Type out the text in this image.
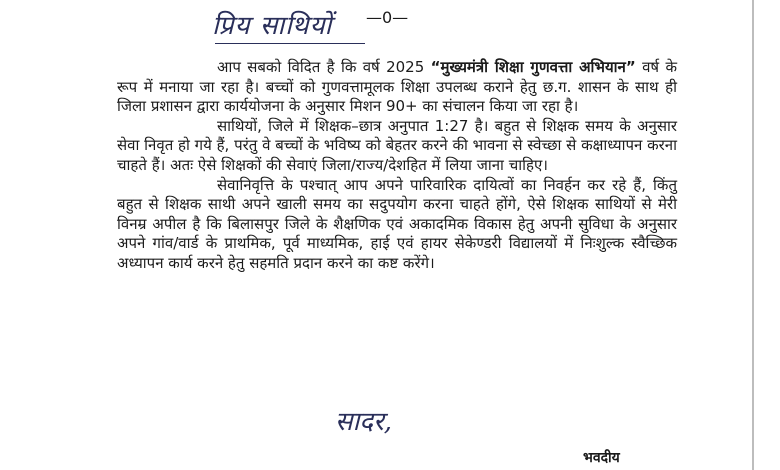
प्रिय साथियों —0—

आप सबको विदित है कि वर्ष 2025 “मुख्यमंत्री शिक्षा गुणवत्ता अभियान” वर्ष के रूप में मनाया जा रहा है। बच्चों को गुणवत्तामूलक शिक्षा उपलब्ध कराने हेतु छ.ग. शासन के साथ ही जिला प्रशासन द्वारा कार्ययोजना के अनुसार मिशन 90+ का संचालन किया जा रहा है।

साथियों, जिले में शिक्षक–छात्र अनुपात 1:27 है। बहुत से शिक्षक समय के अनुसार सेवा निवृत हो गये हैं, परंतु वे बच्चों के भविष्य को बेहतर करने की भावना से स्वेच्छा से कक्षाध्यापन करना चाहते हैं। अतः ऐसे शिक्षकों की सेवाएं जिला/राज्य/देशहित में लिया जाना चाहिए।

सेवानिवृत्ति के पश्चात् आप अपने पारिवारिक दायित्वों का निवर्हन कर रहे हैं, किंतु बहुत से शिक्षक साथी अपने खाली समय का सदुपयोग करना चाहते होंगे, ऐसे शिक्षक साथियों से मेरी विनम्र अपील है कि बिलासपुर जिले के शैक्षणिक एवं अकादमिक विकास हेतु अपनी सुविधा के अनुसार अपने गांव/वार्ड के प्राथमिक, पूर्व माध्यमिक, हाई एवं हायर सेकेण्डरी विद्यालयों में निःशुल्क स्वैच्छिक अध्यापन कार्य करने हेतु सहमति प्रदान करने का कष्ट करेंगे।

सादर,
भवदीय
